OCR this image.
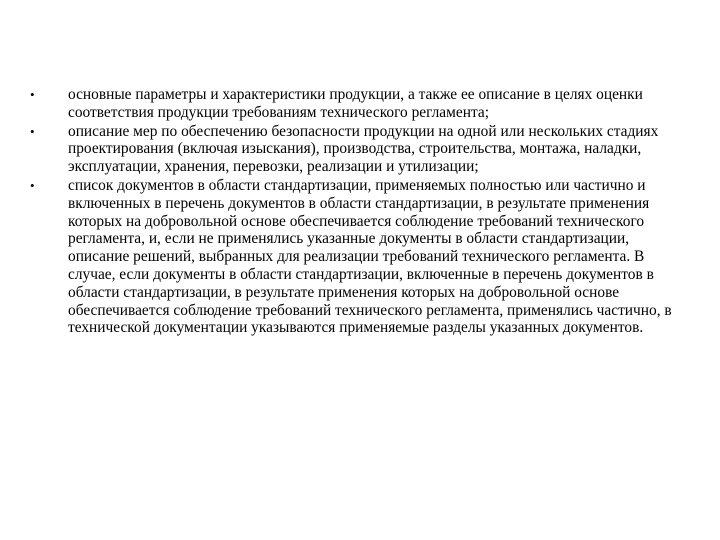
•	основные параметры и характеристики продукции, а также ее описание в целях оценки соответствия продукции требованиям технического регламента;

•	описание мер по обеспечению безопасности продукции на одной или нескольких стадиях проектирования (включая изыскания), производства, строительства, монтажа, наладки, эксплуатации, хранения, перевозки, реализации и утилизации;

•	список документов в области стандартизации, применяемых полностью или частично и включенных в перечень документов в области стандартизации, в результате применения которых на добровольной основе обеспечивается соблюдение требований технического регламента, и, если не применялись указанные документы в области стандартизации, описание решений, выбранных для реализации требований технического регламента. В случае, если документы в области стандартизации, включенные в перечень документов в области стандартизации, в результате применения которых на добровольной основе обеспечивается соблюдение требований технического регламента, применялись частично, в технической документации указываются применяемые разделы указанных документов.
